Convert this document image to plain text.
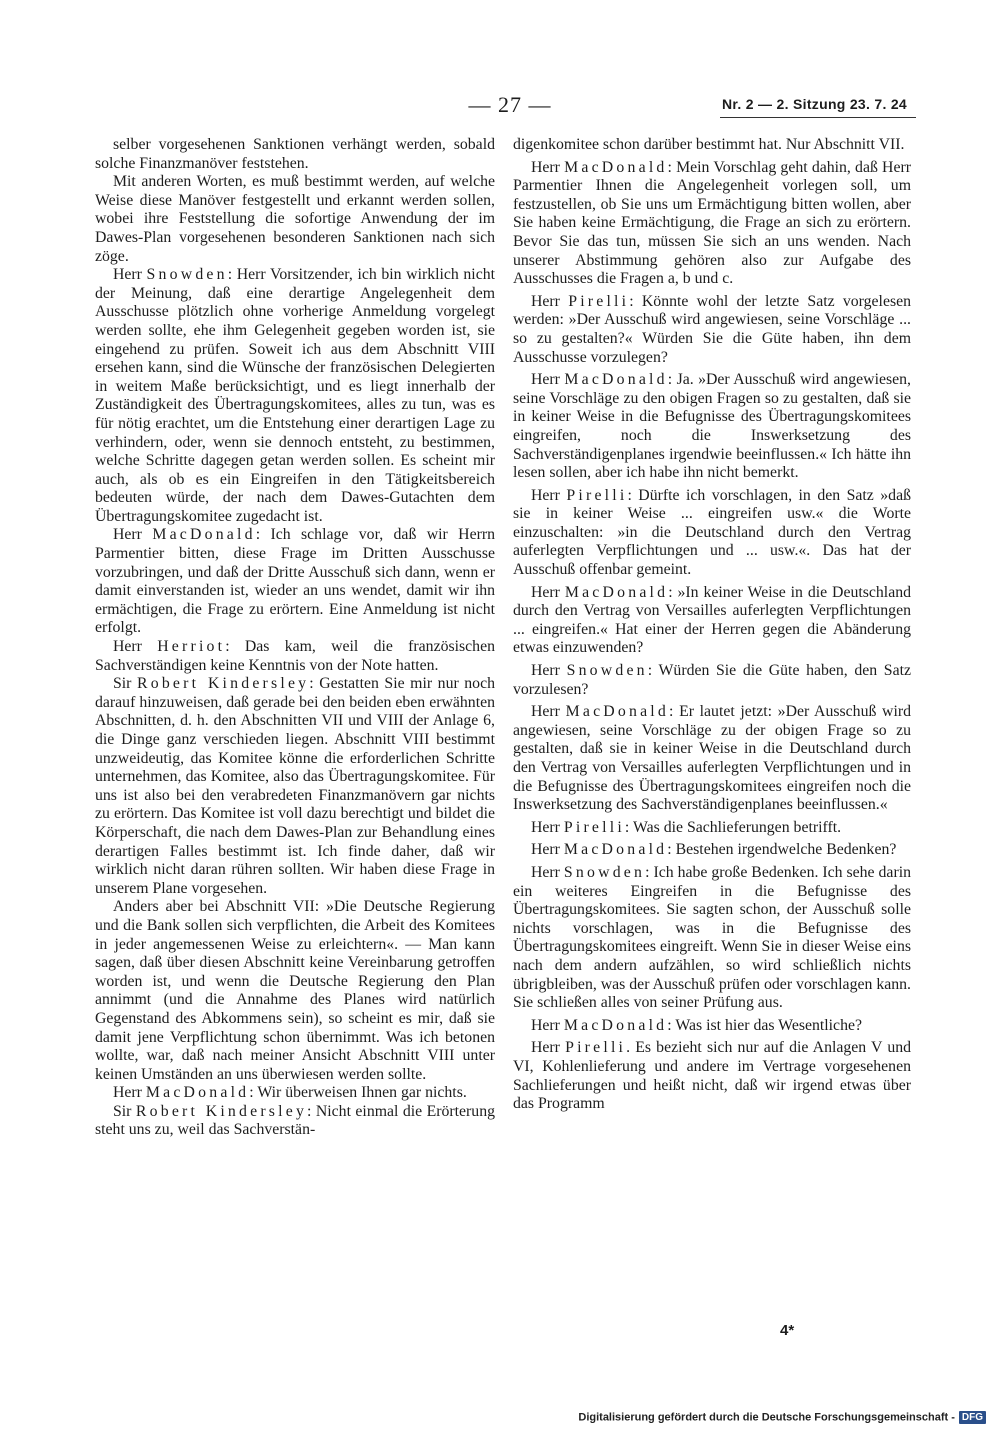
— 27 —	Nr. 2 — 2. Sitzung 23. 7. 24

selber vorgesehenen Sanktionen verhängt werden, sobald solche Finanzmanöver feststehen.

Mit anderen Worten, es muß bestimmt werden, auf welche Weise diese Manöver festgestellt und erkannt werden sollen, wobei ihre Feststellung die sofortige Anwendung der im Dawes-Plan vorgesehenen besonderen Sanktionen nach sich zöge.

Herr Snowden: Herr Vorsitzender, ich bin wirklich nicht der Meinung, daß eine derartige Angelegenheit dem Ausschusse plötzlich ohne vorherige Anmeldung vorgelegt werden sollte, ehe ihm Gelegenheit gegeben worden ist, sie eingehend zu prüfen. Soweit ich aus dem Abschnitt VIII ersehen kann, sind die Wünsche der französischen Delegierten in weitem Maße berücksichtigt, und es liegt innerhalb der Zuständigkeit des Übertragungskomitees, alles zu tun, was es für nötig erachtet, um die Entstehung einer derartigen Lage zu verhindern, oder, wenn sie dennoch entsteht, zu bestimmen, welche Schritte dagegen getan werden sollen. Es scheint mir auch, als ob es ein Eingreifen in den Tätigkeitsbereich bedeuten würde, der nach dem Dawes-Gutachten dem Übertragungskomitee zugedacht ist.

Herr MacDonald: Ich schlage vor, daß wir Herrn Parmentier bitten, diese Frage im Dritten Ausschusse vorzubringen, und daß der Dritte Ausschuß sich dann, wenn er damit einverstanden ist, wieder an uns wendet, damit wir ihn ermächtigen, die Frage zu erörtern. Eine Anmeldung ist nicht erfolgt.

Herr Herriot: Das kam, weil die französischen Sachverständigen keine Kenntnis von der Note hatten.

Sir Robert Kindersley: Gestatten Sie mir nur noch darauf hinzuweisen, daß gerade bei den beiden eben erwähnten Abschnitten, d. h. den Abschnitten VII und VIII der Anlage 6, die Dinge ganz verschieden liegen. Abschnitt VIII bestimmt unzweideutig, das Komitee könne die erforderlichen Schritte unternehmen, das Komitee, also das Übertragungskomitee. Für uns ist also bei den verabredeten Finanzmanövern gar nichts zu erörtern. Das Komitee ist voll dazu berechtigt und bildet die Körperschaft, die nach dem Dawes-Plan zur Behandlung eines derartigen Falles bestimmt ist. Ich finde daher, daß wir wirklich nicht daran rühren sollten. Wir haben diese Frage in unserem Plane vorgesehen.

Anders aber bei Abschnitt VII: »Die Deutsche Regierung und die Bank sollen sich verpflichten, die Arbeit des Komitees in jeder angemessenen Weise zu erleichtern«. — Man kann sagen, daß über diesen Abschnitt keine Vereinbarung getroffen worden ist, und wenn die Deutsche Regierung den Plan annimmt (und die Annahme des Planes wird natürlich Gegenstand des Abkommens sein), so scheint es mir, daß sie damit jene Verpflichtung schon übernimmt. Was ich betonen wollte, war, daß nach meiner Ansicht Abschnitt VIII unter keinen Umständen an uns überwiesen werden sollte.

Herr MacDonald: Wir überweisen Ihnen gar nichts.

Sir Robert Kindersley: Nicht einmal die Erörterung steht uns zu, weil das Sachverstän-

digenkomitee schon darüber bestimmt hat. Nur Abschnitt VII.

Herr MacDonald: Mein Vorschlag geht dahin, daß Herr Parmentier Ihnen die Angelegenheit vorlegen soll, um festzustellen, ob Sie uns um Ermächtigung bitten wollen, aber Sie haben keine Ermächtigung, die Frage an sich zu erörtern. Bevor Sie das tun, müssen Sie sich an uns wenden. Nach unserer Abstimmung gehören also zur Aufgabe des Ausschusses die Fragen a, b und c.

Herr Pirelli: Könnte wohl der letzte Satz vorgelesen werden: »Der Ausschuß wird angewiesen, seine Vorschläge ... so zu gestalten?« Würden Sie die Güte haben, ihn dem Ausschusse vorzulegen?

Herr MacDonald: Ja. »Der Ausschuß wird angewiesen, seine Vorschläge zu den obigen Fragen so zu gestalten, daß sie in keiner Weise in die Befugnisse des Übertragungskomitees eingreifen, noch die Inswerksetzung des Sachverständigenplanes irgendwie beeinflussen.« Ich hätte ihn lesen sollen, aber ich habe ihn nicht bemerkt.

Herr Pirelli: Dürfte ich vorschlagen, in den Satz »daß sie in keiner Weise ... eingreifen usw.« die Worte einzuschalten: »in die Deutschland durch den Vertrag auferlegten Verpflichtungen und ... usw.«. Das hat der Ausschuß offenbar gemeint.

Herr MacDonald: »In keiner Weise in die Deutschland durch den Vertrag von Versailles auferlegten Verpflichtungen ... eingreifen.« Hat einer der Herren gegen die Abänderung etwas einzuwenden?

Herr Snowden: Würden Sie die Güte haben, den Satz vorzulesen?

Herr MacDonald: Er lautet jetzt: »Der Ausschuß wird angewiesen, seine Vorschläge zu der obigen Frage so zu gestalten, daß sie in keiner Weise in die Deutschland durch den Vertrag von Versailles auferlegten Verpflichtungen und in die Befugnisse des Übertragungskomitees eingreifen noch die Inswerksetzung des Sachverständigenplanes beeinflussen.«

Herr Pirelli: Was die Sachlieferungen betrifft.

Herr MacDonald: Bestehen irgendwelche Bedenken?

Herr Snowden: Ich habe große Bedenken. Ich sehe darin ein weiteres Eingreifen in die Befugnisse des Übertragungskomitees. Sie sagten schon, der Ausschuß solle nichts vorschlagen, was in die Befugnisse des Übertragungskomitees eingreift. Wenn Sie in dieser Weise eins nach dem andern aufzählen, so wird schließlich nichts übrigbleiben, was der Ausschuß prüfen oder vorschlagen kann. Sie schließen alles von seiner Prüfung aus.

Herr MacDonald: Was ist hier das Wesentliche?

Herr Pirelli. Es bezieht sich nur auf die Anlagen V und VI, Kohlenlieferung und andere im Vertrage vorgesehenen Sachlieferungen und heißt nicht, daß wir irgend etwas über das Programm

4*
Digitalisierung gefördert durch die Deutsche Forschungsgemeinschaft - DFG
